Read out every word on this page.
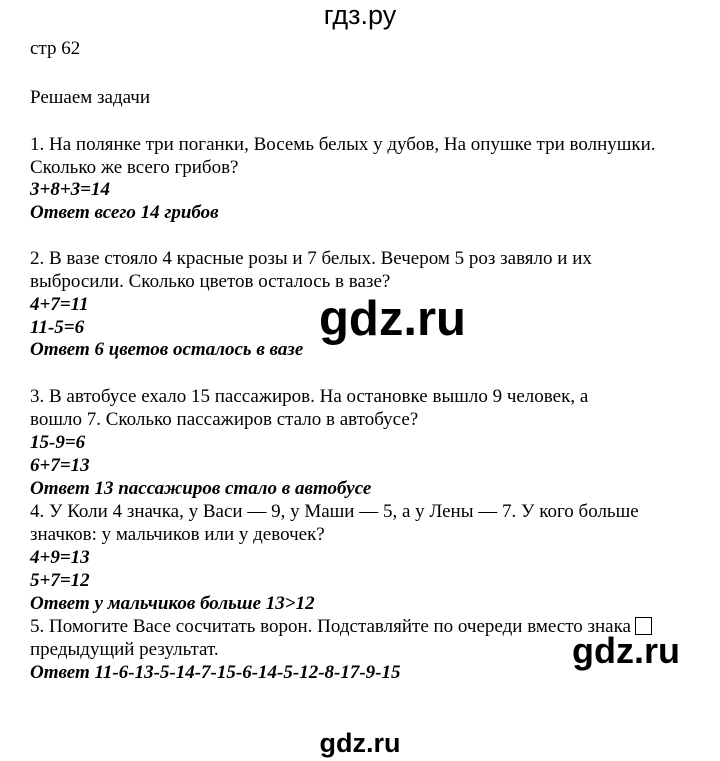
гдз.ру
стр 62
Решаем задачи
1. На полянке три поганки, Восемь белых у дубов, На опушке три волнушки.
Сколько же всего грибов?
3+8+3=14
Ответ всего 14 грибов
2. В вазе стояло 4 красные розы и 7 белых. Вечером 5 роз завяло и их
выбросили. Сколько цветов осталось в вазе?
4+7=11
11-5=6
Ответ 6 цветов осталось в вазе
3. В автобусе ехало 15 пассажиров. На остановке вышло 9 человек, а
вошло 7. Сколько пассажиров стало в автобусе?
15-9=6
6+7=13
Ответ 13 пассажиров стало в автобусе
4. У Коли 4 значка, у Васи — 9, у Маши — 5, а у Лены — 7. У кого больше
значков: у мальчиков или у девочек?
4+9=13
5+7=12
Ответ у мальчиков больше 13>12
5. Помогите Васе сосчитать ворон. Подставляйте по очереди вместо знака
предыдущий результат.
Ответ 11-6-13-5-14-7-15-6-14-5-12-8-17-9-15
gdz.ru
gdz.ru
gdz.ru
